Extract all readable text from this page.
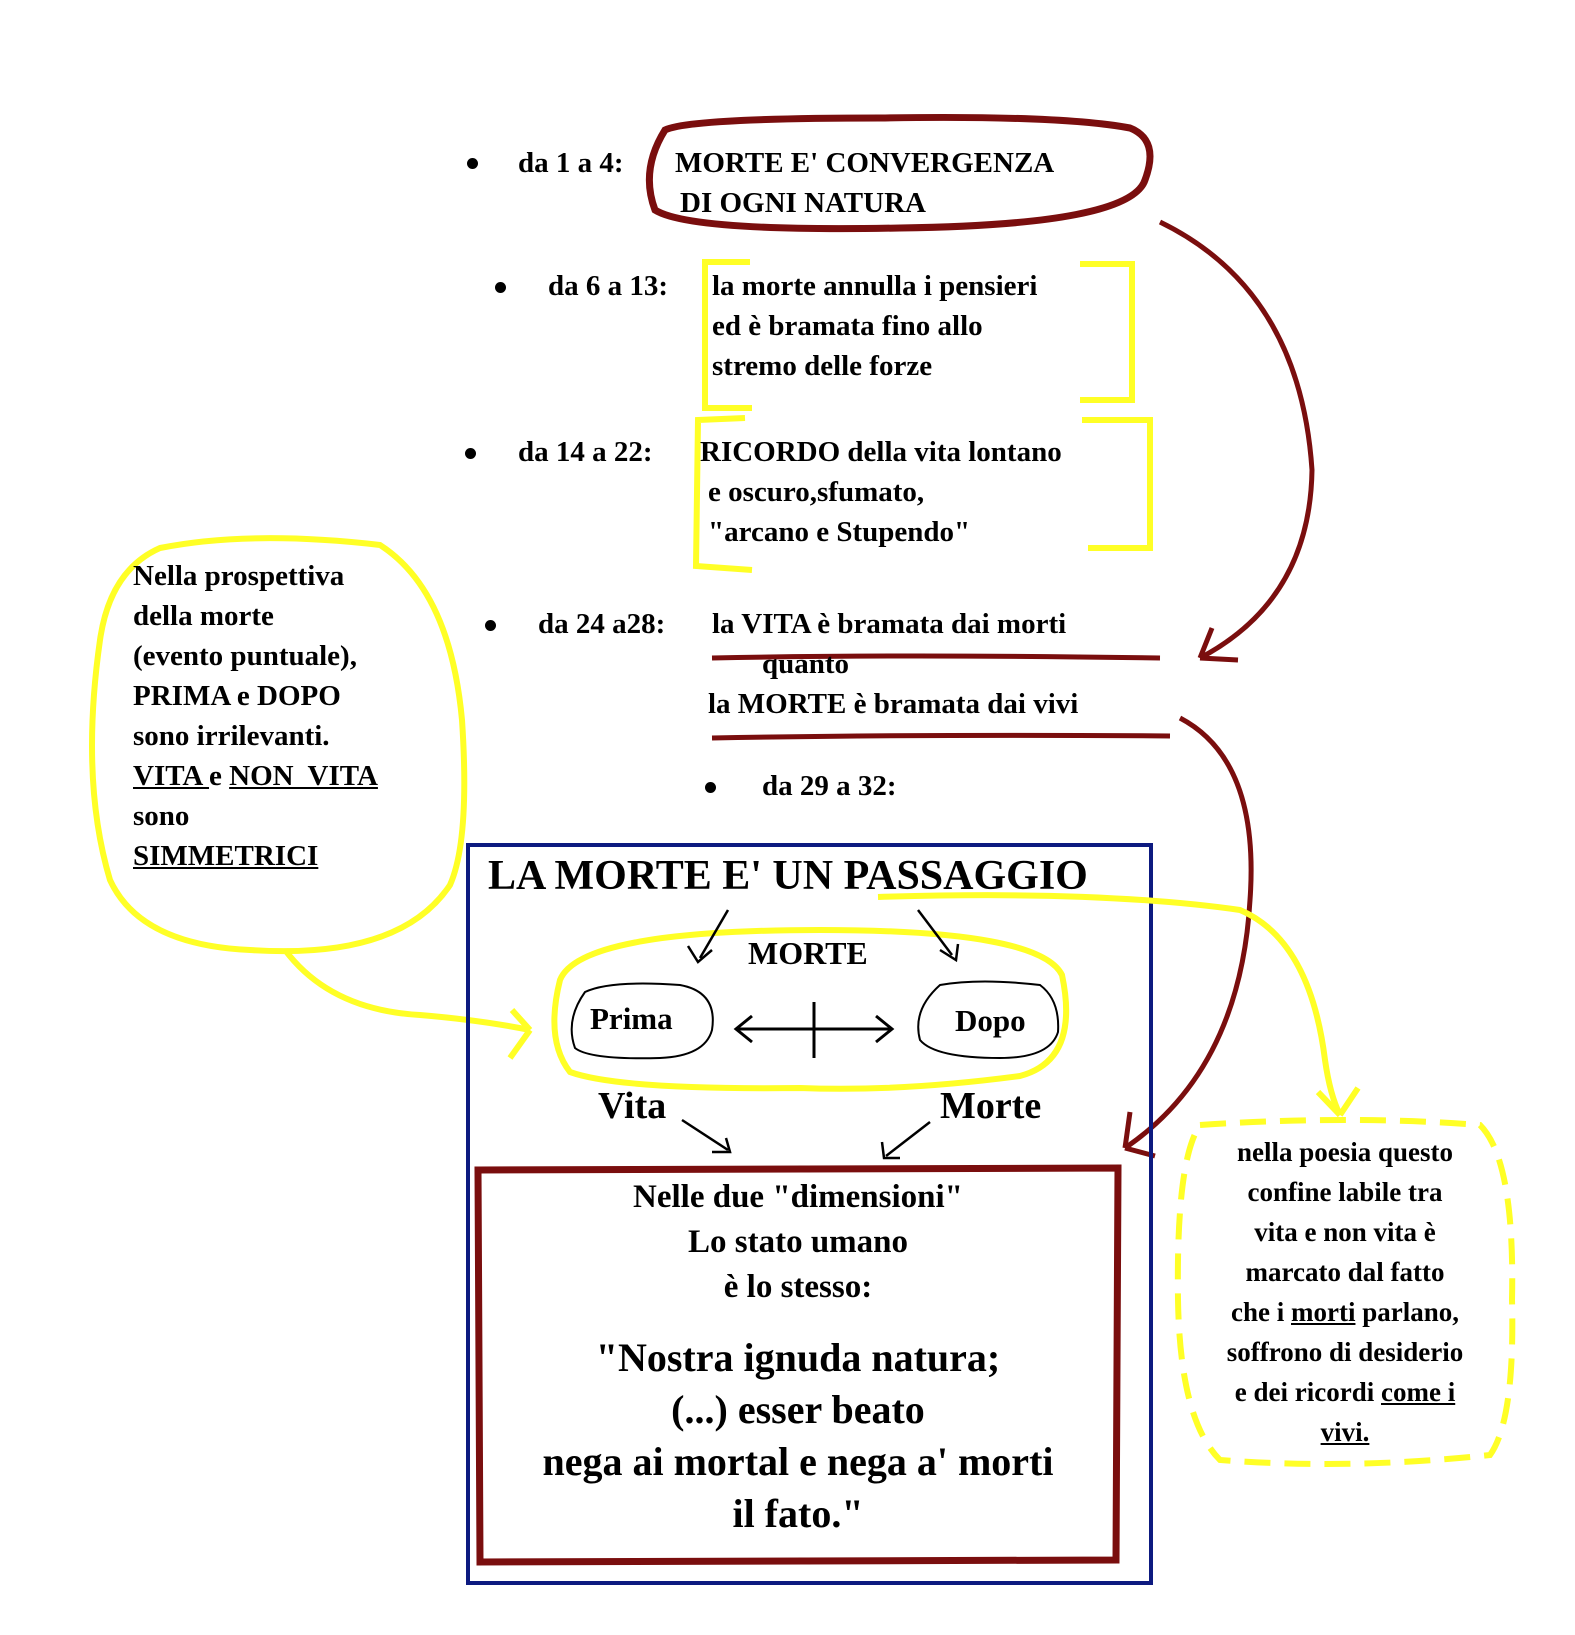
da 1 a 4: MORTE E' CONVERGENZA
DI OGNI NATURA
da 6 a 13: la morte annulla i pensieri
ed è bramata fino allo
stremo delle forze
da 14 a 22: RICORDO della vita lontano
e oscuro,sfumato,
"arcano e Stupendo"
da 24 a28: la VITA è bramata dai morti
quanto
la MORTE è bramata dai vivi
da 29 a 32:
Nella prospettiva
della morte
(evento puntuale),
PRIMA e DOPO
sono irrilevanti.
VITA e NON  VITA
sono
SIMMETRICI	LA MORTE E' UN PASSAGGIO
MORTE
Prima	Dopo
Vita	Morte
Nelle due "dimensioni"
Lo stato umano
è lo stesso:
"Nostra ignuda natura;
(...) esser beato
nega ai mortal e nega a' morti
il fato."
nella poesia questo
confine labile tra
vita e non vita è
marcato dal fatto
che i morti parlano,
soffrono di desiderio
e dei ricordi come i
vivi.
